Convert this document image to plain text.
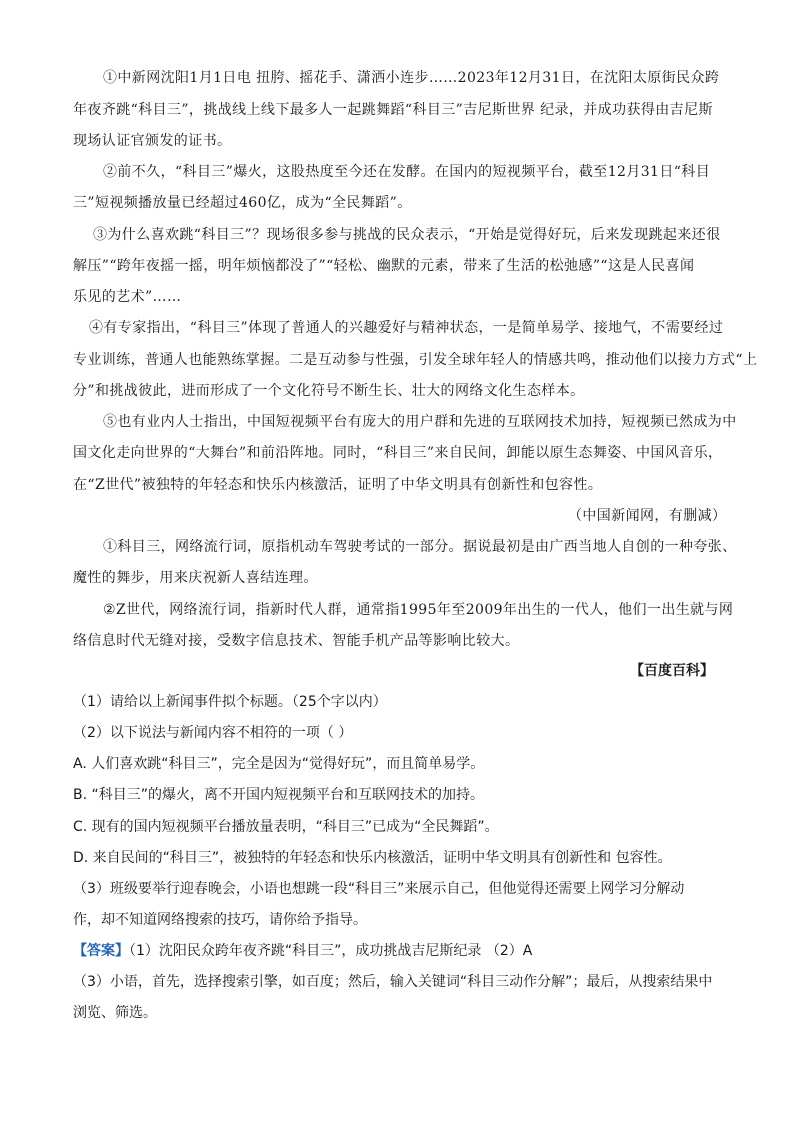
①中新网沈阳1月1日电 扭胯、摇花手、潇洒小连步……2023年12月31日，在沈阳太原街民众跨
年夜齐跳“科目三”，挑战线上线下最多人一起跳舞蹈“科目三”吉尼斯世界 纪录，并成功获得由吉尼斯
现场认证官颁发的证书。
②前不久，“科目三”爆火，这股热度至今还在发酵。在国内的短视频平台，截至12月31日“科目
三”短视频播放量已经超过460亿，成为“全民舞蹈”。
③为什么喜欢跳“科目三”？现场很多参与挑战的民众表示，“开始是觉得好玩，后来发现跳起来还很
解压”“跨年夜摇一摇，明年烦恼都没了”“轻松、幽默的元素，带来了生活的松弛感”“这是人民喜闻
乐见的艺术”……
④有专家指出，“科目三”体现了普通人的兴趣爱好与精神状态，一是简单易学、接地气，不需要经过
专业训练，普通人也能熟练掌握。二是互动参与性强，引发全球年轻人的情感共鸣，推动他们以接力方式“上
分”和挑战彼此，进而形成了一个文化符号不断生长、壮大的网络文化生态样本。
⑤也有业内人士指出，中国短视频平台有庞大的用户群和先进的互联网技术加持，短视频已然成为中
国文化走向世界的“大舞台”和前沿阵地。同时，“科目三”来自民间，卸能以原生态舞姿、中国风音乐，
在“Z世代”被独特的年轻态和快乐内核激活，证明了中华文明具有创新性和包容性。
（中国新闻网，有删减）
①科目三，网络流行词，原指机动车驾驶考试的一部分。据说最初是由广西当地人自创的一种夸张、
魔性的舞步，用来庆祝新人喜结连理。
②Z世代，网络流行词，指新时代人群，通常指1995年至2009年出生的一代人，他们一出生就与网
络信息时代无缝对接，受数字信息技术、智能手机产品等影响比较大。
【百度百科】
（1）请给以上新闻事件拟个标题。（25个字以内）
（2）以下说法与新闻内容不相符的一项（ ）
A. 人们喜欢跳“科目三”，完全是因为“觉得好玩”，而且简单易学。
B. “科目三”的爆火，离不开国内短视频平台和互联网技术的加持。
C. 现有的国内短视频平台播放量表明，“科目三”已成为“全民舞蹈”。
D. 来自民间的“科目三”，被独特的年轻态和快乐内核激活，证明中华文明具有创新性和 包容性。
（3）班级要举行迎春晚会，小语也想跳一段“科目三”来展示自己，但他觉得还需要上网学习分解动
作，却不知道网络搜索的技巧，请你给予指导。
【答案】（1）沈阳民众跨年夜齐跳“科目三”，成功挑战吉尼斯纪录 （2）A
（3）小语，首先，选择搜索引擎，如百度；然后，输入关键词“科目三动作分解”；最后，从搜索结果中
浏览、筛选。
